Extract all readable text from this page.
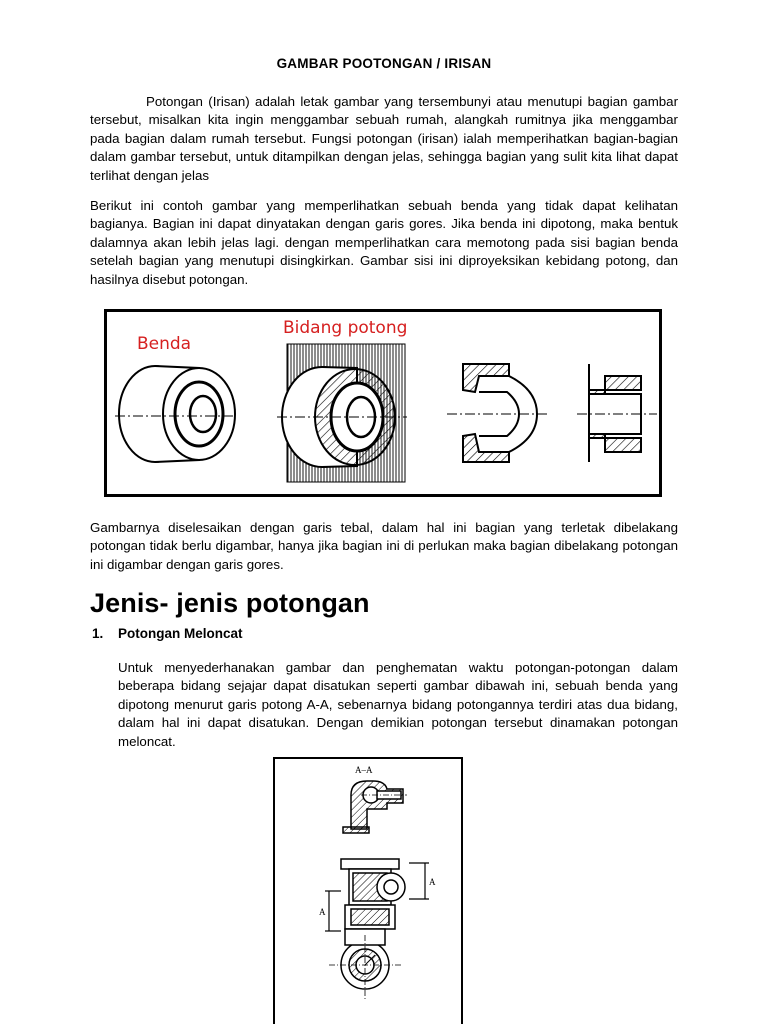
GAMBAR POOTONGAN / IRISAN

Potongan (Irisan) adalah letak gambar yang tersembunyi atau menutupi bagian gambar tersebut, misalkan kita ingin menggambar sebuah rumah, alangkah rumitnya jika menggambar pada bagian dalam rumah tersebut. Fungsi potongan (irisan) ialah memperihatkan bagian-bagian dalam gambar tersebut, untuk ditampilkan dengan jelas, sehingga bagian yang sulit kita lihat dapat terlihat dengan jelas

Berikut ini contoh gambar yang memperlihatkan sebuah benda yang tidak dapat kelihatan bagianya. Bagian ini dapat dinyatakan dengan garis gores. Jika benda ini dipotong, maka bentuk dalamnya akan lebih jelas lagi. dengan memperlihatkan cara memotong pada sisi bagian benda setelah bagian yang menutupi disingkirkan. Gambar sisi ini diproyeksikan kebidang potong, dan hasilnya disebut potongan.

Benda
Bidang potong

Gambarnya diselesaikan dengan garis tebal, dalam hal ini bagian yang terletak dibelakang potongan tidak berlu digambar, hanya jika bagian ini di perlukan maka bagian dibelakang potongan ini digambar dengan garis gores.

Jenis- jenis potongan
1. Potongan Meloncat

Untuk menyederhanakan gambar dan penghematan waktu potongan-potongan dalam beberapa bidang sejajar dapat disatukan seperti gambar dibawah ini, sebuah benda yang dipotong menurut garis potong A-A, sebenarnya bidang potongannya terdiri atas dua bidang, dalam hal ini dapat disatukan. Dengan demikian potongan tersebut dinamakan potongan meloncat.

A–A
A
A
